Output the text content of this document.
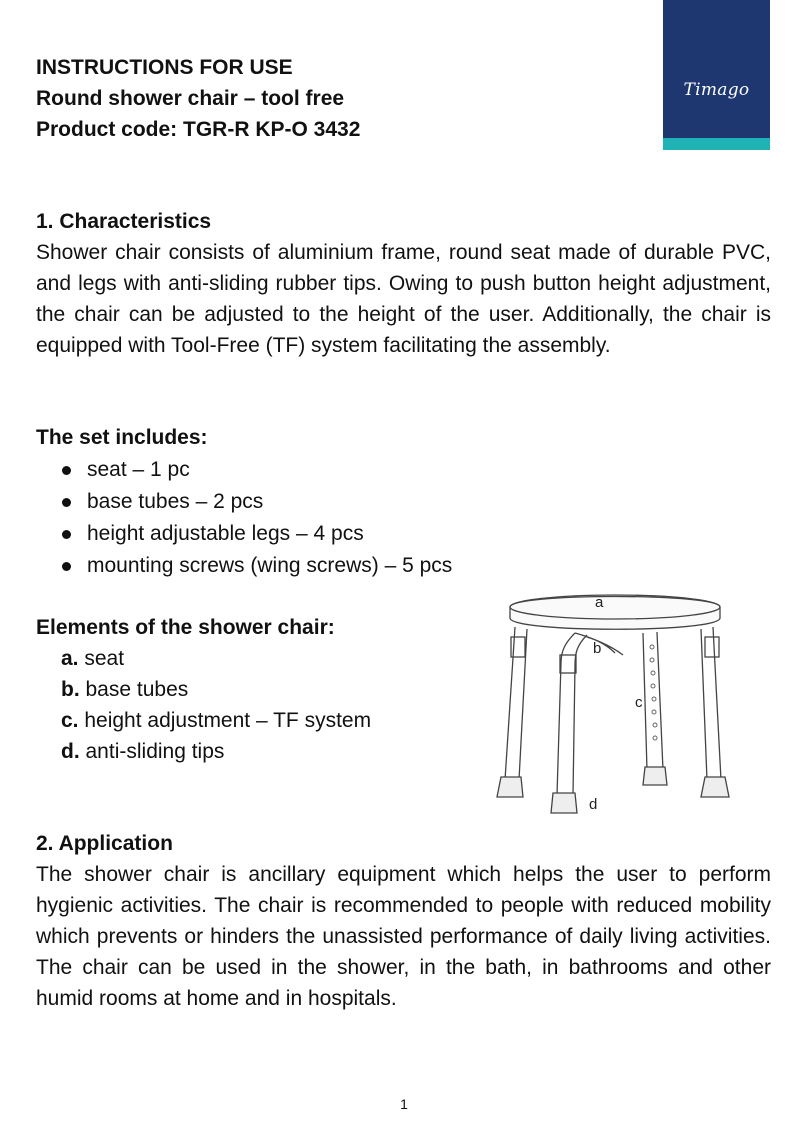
Timago
INSTRUCTIONS FOR USE
Round shower chair – tool free
Product code: TGR-R KP-O 3432
1. Characteristics
Shower chair consists of aluminium frame, round seat made of durable PVC, and legs with anti-sliding rubber tips. Owing to push button height adjustment, the chair can be adjusted to the height of the user. Additionally, the chair is equipped with Tool-Free (TF) system facilitating the assembly.
The set includes:
seat – 1 pc
base tubes – 2 pcs
height adjustable legs – 4 pcs
mounting screws (wing screws) – 5 pcs
Elements of the shower chair:
a. seat
b. base tubes
c. height adjustment – TF system
d. anti-sliding tips
a
b
c
d
2. Application
The shower chair is ancillary equipment which helps the user to perform hygienic activities. The chair is recommended to people with reduced mobility which prevents or hinders the unassisted performance of daily living activities. The chair can be used in the shower, in the bath, in bathrooms and other humid rooms at home and in hospitals.
1
